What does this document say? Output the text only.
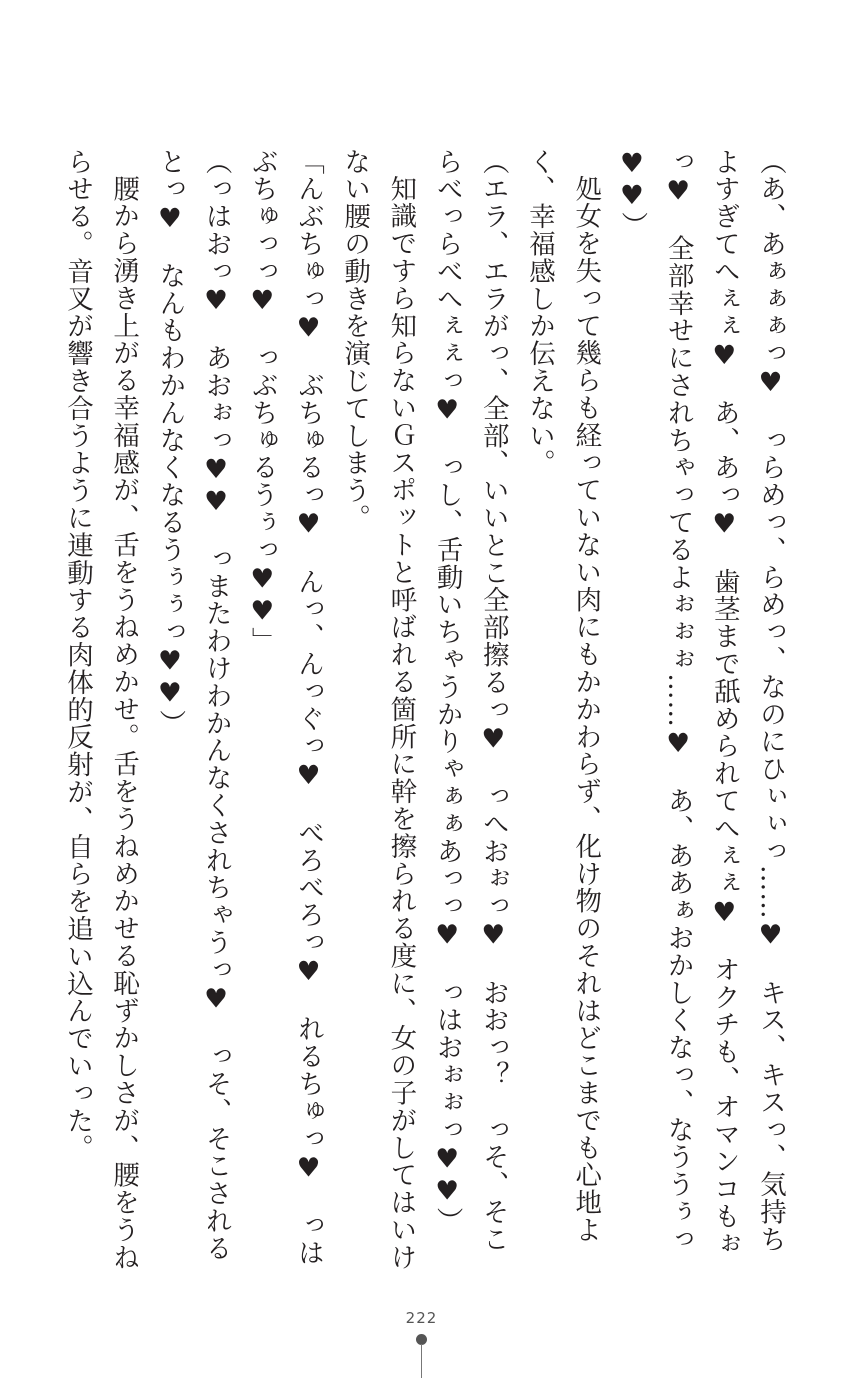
（あ、あぁぁぁっ♥　っらめっ、らめっ、なのにひぃぃっ……♥　キス、キスっ、気持ちよすぎてへぇぇ♥　あ、あっ♥　歯茎まで舐められてへぇぇ♥　オクチも、オマンコもぉっ♥　全部幸せにされちゃってるよぉぉぉ……♥　あ、ああぁおかしくなっ、なううぅっ♥♥）

処女を失って幾らも経っていない肉にもかかわらず、化け物のそれはどこまでも心地よく、幸福感しか伝えない。

（エラ、エラがっ、全部、いいとこ全部擦るっ♥　っへおぉっ♥　おおっ？　っそ、そこらべっらべへぇぇっ♥　っし、舌動いちゃうかりゃぁぁあっっ♥　っはおぉぉっ♥♥）

知識ですら知らないＧスポットと呼ばれる箇所に幹を擦られる度に、女の子がしてはいけない腰の動きを演じてしまう。

「んぶちゅっ♥　ぶちゅるっ♥　んっ、んっぐっ♥　べろべろっ♥　れるちゅっ♥　っはぶちゅっっ♥　っぶちゅるうぅっ♥♥」

（っはおっ♥　あおぉっ♥♥　っまたわけわかんなくされちゃうっ♥　っそ、そこされるとっ♥　なんもわかんなくなるうぅぅっ♥♥）

腰から湧き上がる幸福感が、舌をうねめかせ。舌をうねめかせる恥ずかしさが、腰をうねらせる。音叉が響き合うように連動する肉体的反射が、自らを追い込んでいった。

222
